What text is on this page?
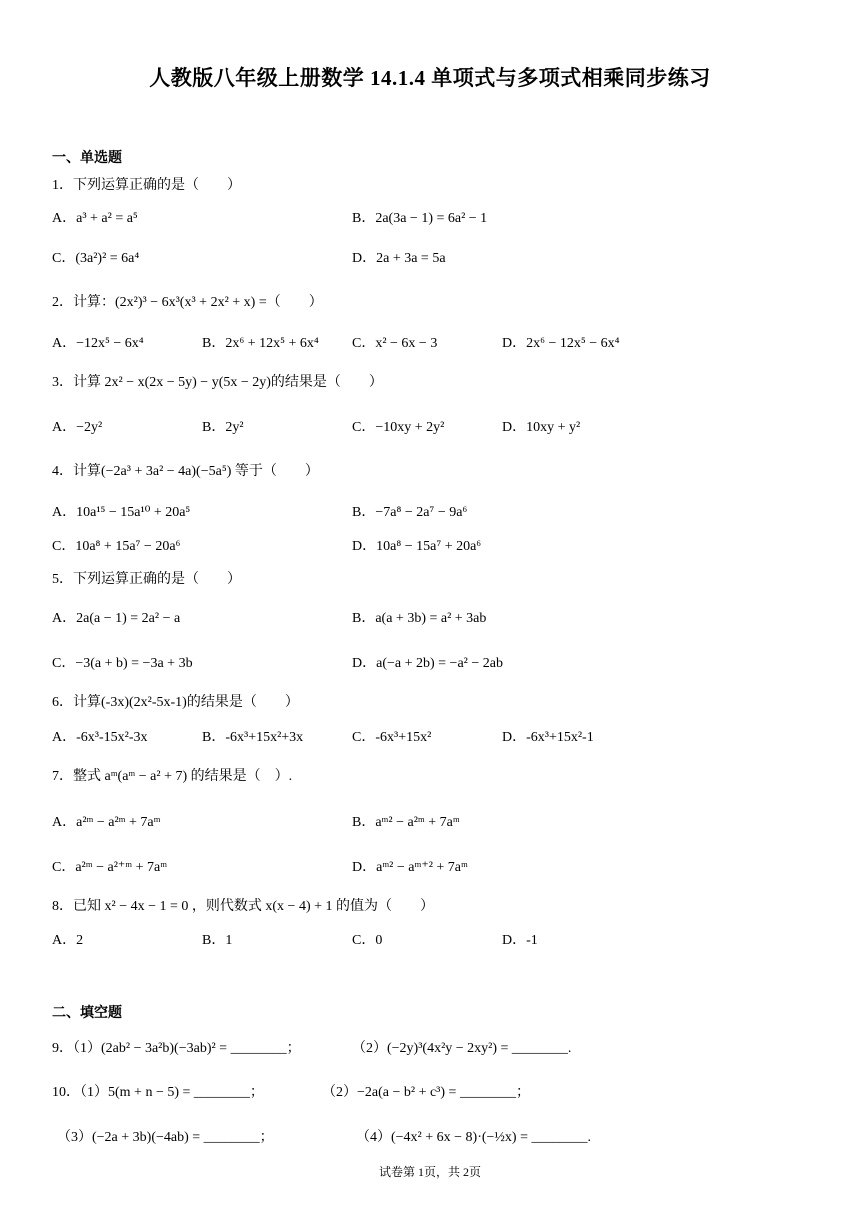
人教版八年级上册数学 14.1.4 单项式与多项式相乘同步练习
一、单选题
1．下列运算正确的是（　　）
A．a³ + a² = a⁵	B．2a(3a − 1) = 6a² − 1
C．(3a²)² = 6a⁴	D．2a + 3a = 5a
2．计算：(2x²)³ − 6x³(x³ + 2x² + x) =（　　）
A．−12x⁵ − 6x⁴	B．2x⁶ + 12x⁵ + 6x⁴ C．x² − 6x − 3	D．2x⁶ − 12x⁵ − 6x⁴
3．计算 2x² − x(2x − 5y) − y(5x − 2y)的结果是（　　）
A．−2y²	B．2y²	C．−10xy + 2y²	D．10xy + y²
4．计算(−2a³ + 3a² − 4a)(−5a⁵) 等于（　　）
A．10a¹⁵ − 15a¹⁰ + 20a⁵	B．−7a⁸ − 2a⁷ − 9a⁶
C．10a⁸ + 15a⁷ − 20a⁶	D．10a⁸ − 15a⁷ + 20a⁶
5．下列运算正确的是（　　）
A．2a(a − 1) = 2a² − a	B．a(a + 3b) = a² + 3ab
C．−3(a + b) = −3a + 3b	D．a(−a + 2b) = −a² − 2ab
6．计算(-3x)(2x²-5x-1)的结果是（　　）
A．-6x³-15x²-3x	B．-6x³+15x²+3x	C．-6x³+15x²	D．-6x³+15x²-1
7．整式 aᵐ(aᵐ − a² + 7) 的结果是（　）.
A．a²ᵐ − a²ᵐ + 7aᵐ	B．aᵐ² − a²ᵐ + 7aᵐ
C．a²ᵐ − a²⁺ᵐ + 7aᵐ	D．aᵐ² − aᵐ⁺² + 7aᵐ
8．已知 x² − 4x − 1 = 0 ，则代数式 x(x − 4) + 1 的值为（　　）
A．2	B．1	C．0	D．-1
二、填空题
9．（1）(2ab² − 3a²b)(−3ab)² = ________；	（2）(−2y)³(4x²y − 2xy²) = ________.
10．（1）5(m + n − 5) = ________；	（2）−2a(a − b² + c³) = ________；
（3）(−2a + 3b)(−4ab) = ________；	（4）(−4x² + 6x − 8)·(−½x) = ________.
试卷第 1页，共 2页
